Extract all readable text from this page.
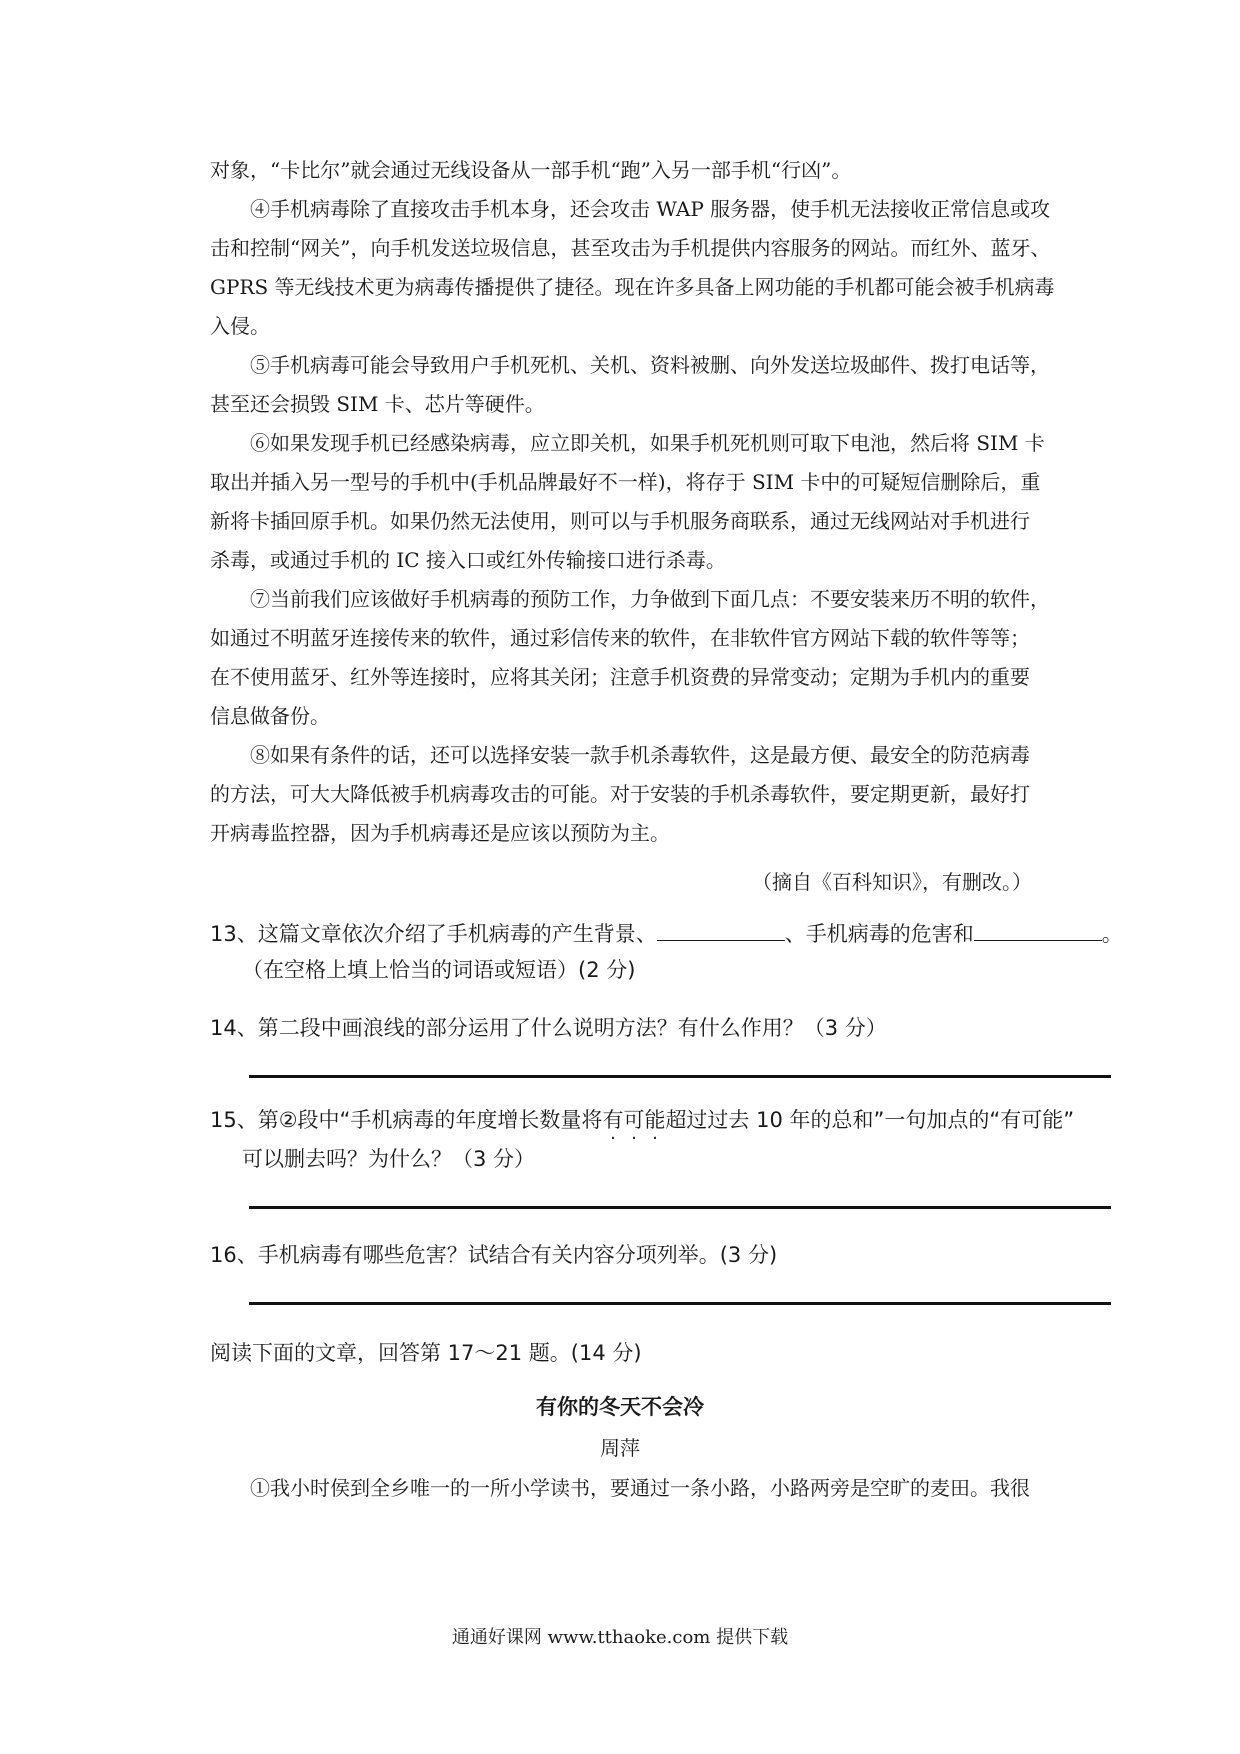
对象，“卡比尔”就会通过无线设备从一部手机“跑”入另一部手机“行凶”。
④手机病毒除了直接攻击手机本身，还会攻击 WAP 服务器，使手机无法接收正常信息或攻
击和控制“网关”，向手机发送垃圾信息，甚至攻击为手机提供内容服务的网站。而红外、蓝牙、
GPRS 等无线技术更为病毒传播提供了捷径。现在许多具备上网功能的手机都可能会被手机病毒
入侵。
⑤手机病毒可能会导致用户手机死机、关机、资料被删、向外发送垃圾邮件、拨打电话等，
甚至还会损毁 SIM 卡、芯片等硬件。
⑥如果发现手机已经感染病毒，应立即关机，如果手机死机则可取下电池，然后将 SIM 卡
取出并插入另一型号的手机中(手机品牌最好不一样)，将存于 SIM 卡中的可疑短信删除后，重
新将卡插回原手机。如果仍然无法使用，则可以与手机服务商联系，通过无线网站对手机进行
杀毒，或通过手机的 IC 接入口或红外传输接口进行杀毒。
⑦当前我们应该做好手机病毒的预防工作，力争做到下面几点：不要安装来历不明的软件，
如通过不明蓝牙连接传来的软件，通过彩信传来的软件，在非软件官方网站下载的软件等等；
在不使用蓝牙、红外等连接时，应将其关闭；注意手机资费的异常变动；定期为手机内的重要
信息做备份。
⑧如果有条件的话，还可以选择安装一款手机杀毒软件，这是最方便、最安全的防范病毒
的方法，可大大降低被手机病毒攻击的可能。对于安装的手机杀毒软件，要定期更新，最好打
开病毒监控器，因为手机病毒还是应该以预防为主。
（摘自《百科知识》，有删改。）
13、这篇文章依次介绍了手机病毒的产生背景、	、手机病毒的危害和	。
（在空格上填上恰当的词语或短语）(2 分)
14、第二段中画浪线的部分运用了什么说明方法？有什么作用？（3 分）
15、第②段中“手机病毒的年度增长数量将有可能超过过去 10 年的总和”一句加点的“有可能”
可以删去吗？为什么？（3 分）
16、手机病毒有哪些危害？试结合有关内容分项列举。(3 分)
阅读下面的文章，回答第 17～21 题。(14 分)
有你的冬天不会冷
周萍
①我小时侯到全乡唯一的一所小学读书，要通过一条小路，小路两旁是空旷的麦田。我很
通通好课网 www.tthaoke.com 提供下载
